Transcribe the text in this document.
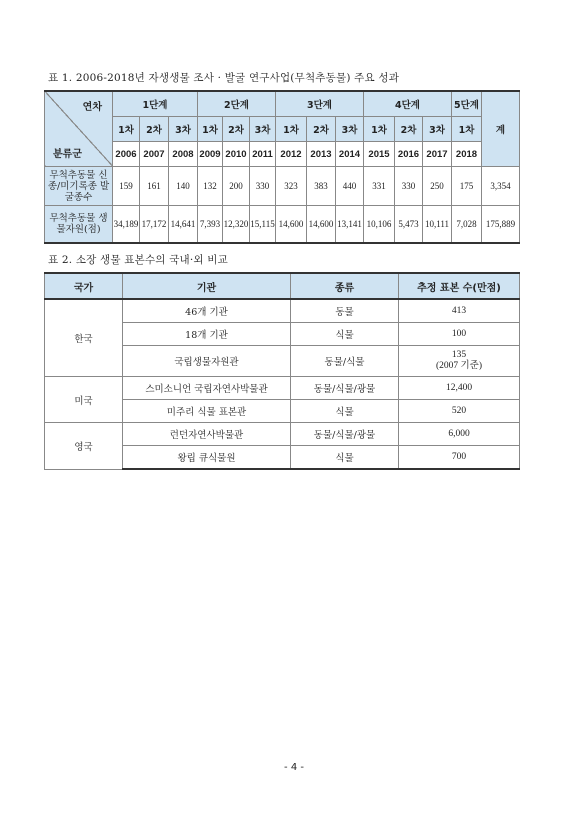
표 1. 2006-2018년 자생생물 조사 · 발굴 연구사업(무척추동물) 주요 성과
연차
분류군	1단계			2단계			3단계			4단계			5단계	계
	1차	2차	3차	1차	2차	3차	1차	2차	3차	1차	2차	3차	1차	
	2006	2007	2008	2009	2010	2011	2012	2013	2014	2015	2016	2017	2018	
무척추동물 신종/미기록종 발굴종수	159	161	140	132	200	330	323	383	440	331	330	250	175	3,354
무척추동물 생물자원(점)	34,189	17,172	14,641	7,393	12,320	15,115	14,600	14,600	13,141	10,106	5,473	10,111	7,028	175,889
표 2. 소장 생물 표본수의 국내·외 비교
국가	기관	종류	추정 표본 수(만점)
한국	46개 기관	동물	413
	18개 기관	식물	100
	국립생물자원관	동물/식물	135
(2007 기준)

미국	스미소니언 국립자연사박물관	동물/식물/광물	12,400
	미주리 식물 표본관	식물	520
영국	런던자연사박물관	동물/식물/광물	6,000
	왕립 큐식물원	식물	700
- 4 -
